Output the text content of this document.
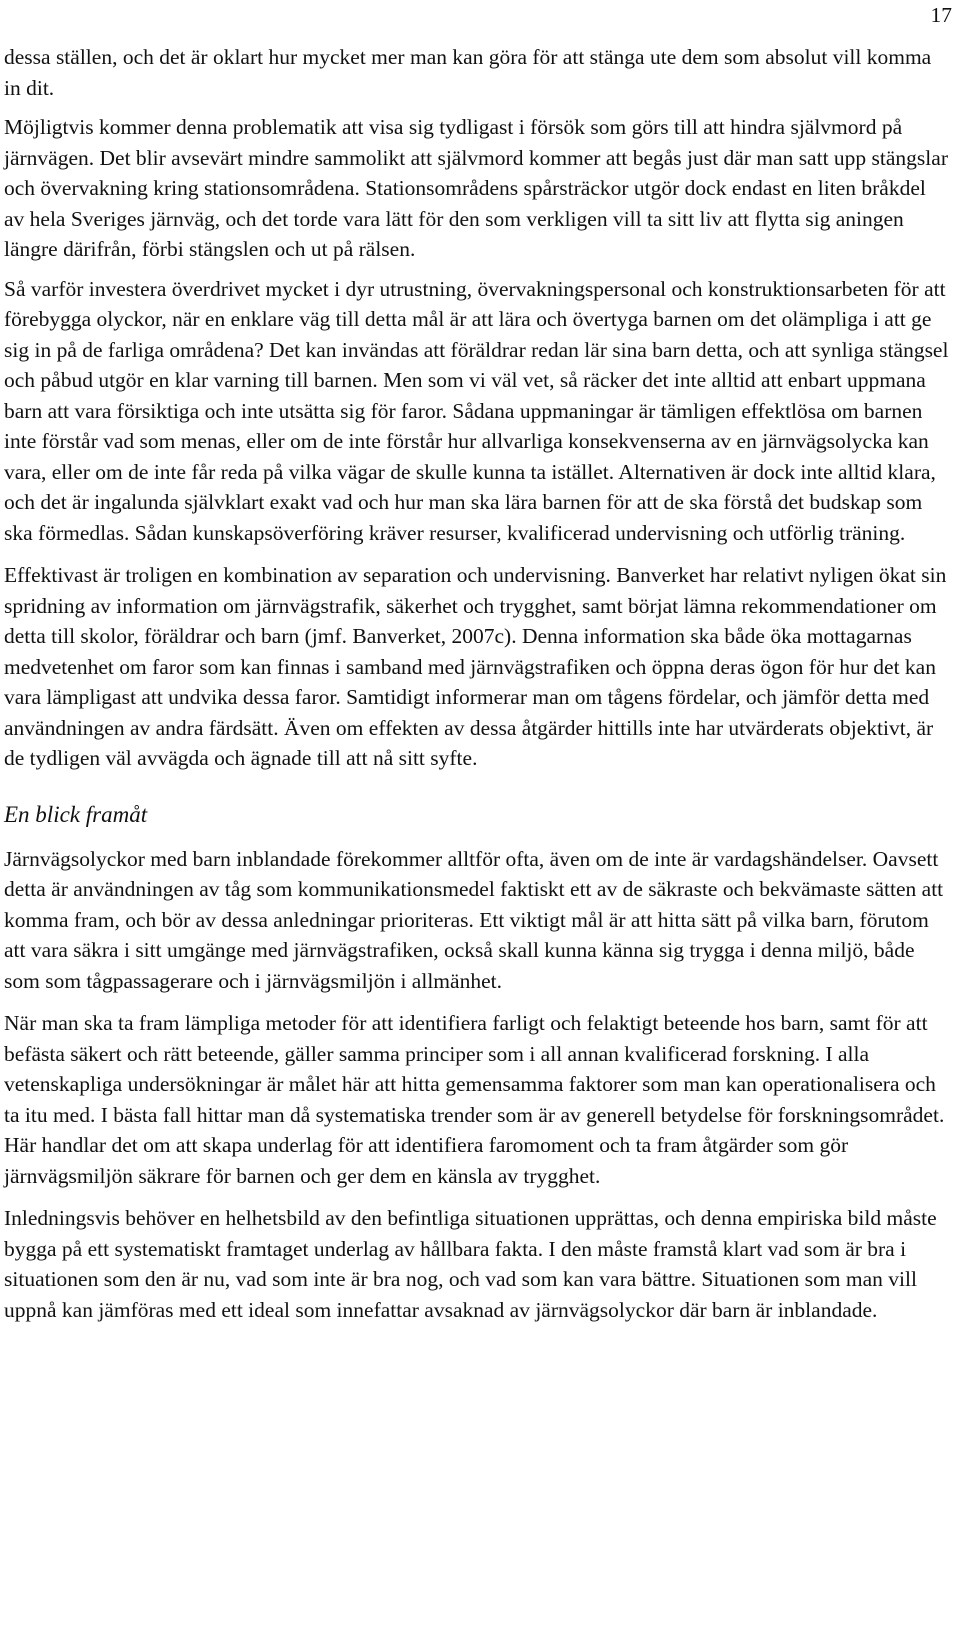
17

dessa ställen, och det är oklart hur mycket mer man kan göra för att stänga ute dem som absolut vill komma in dit.

Möjligtvis kommer denna problematik att visa sig tydligast i försök som görs till att hindra självmord på järnvägen. Det blir avsevärt mindre sammolikt att självmord kommer att begås just där man satt upp stängslar och övervakning kring stationsområdena. Stationsområdens spårsträckor utgör dock endast en liten bråkdel av hela Sveriges järnväg, och det torde vara lätt för den som verkligen vill ta sitt liv att flytta sig aningen längre därifrån, förbi stängslen och ut på rälsen.

Så varför investera överdrivet mycket i dyr utrustning, övervakningspersonal och konstruktionsarbeten för att förebygga olyckor, när en enklare väg till detta mål är att lära och övertyga barnen om det olämpliga i att ge sig in på de farliga områdena? Det kan invändas att föräldrar redan lär sina barn detta, och att synliga stängsel och påbud utgör en klar varning till barnen. Men som vi väl vet, så räcker det inte alltid att enbart uppmana barn att vara försiktiga och inte utsätta sig för faror. Sådana uppmaningar är tämligen effektlösa om barnen inte förstår vad som menas, eller om de inte förstår hur allvarliga konsekvenserna av en järnvägsolycka kan vara, eller om de inte får reda på vilka vägar de skulle kunna ta istället. Alternativen är dock inte alltid klara, och det är ingalunda självklart exakt vad och hur man ska lära barnen för att de ska förstå det budskap som ska förmedlas. Sådan kunskapsöverföring kräver resurser, kvalificerad undervisning och utförlig träning.

Effektivast är troligen en kombination av separation och undervisning. Banverket har relativt nyligen ökat sin spridning av information om järnvägstrafik, säkerhet och trygghet, samt börjat lämna rekommendationer om detta till skolor, föräldrar och barn (jmf. Banverket, 2007c). Denna information ska både öka mottagarnas medvetenhet om faror som kan finnas i samband med järnvägstrafiken och öppna deras ögon för hur det kan vara lämpligast att undvika dessa faror. Samtidigt informerar man om tågens fördelar, och jämför detta med användningen av andra färdsätt. Även om effekten av dessa åtgärder hittills inte har utvärderats objektivt, är de tydligen väl avvägda och ägnade till att nå sitt syfte.

En blick framåt

Järnvägsolyckor med barn inblandade förekommer alltför ofta, även om de inte är vardagshändelser. Oavsett detta är användningen av tåg som kommunikationsmedel faktiskt ett av de säkraste och bekvämaste sätten att komma fram, och bör av dessa anledningar prioriteras. Ett viktigt mål är att hitta sätt på vilka barn, förutom att vara säkra i sitt umgänge med järnvägstrafiken, också skall kunna känna sig trygga i denna miljö, både som som tågpassagerare och i järnvägsmiljön i allmänhet.

När man ska ta fram lämpliga metoder för att identifiera farligt och felaktigt beteende hos barn, samt för att befästa säkert och rätt beteende, gäller samma principer som i all annan kvalificerad forskning. I alla vetenskapliga undersökningar är målet här att hitta gemensamma faktorer som man kan operationalisera och ta itu med. I bästa fall hittar man då systematiska trender som är av generell betydelse för forskningsområdet. Här handlar det om att skapa underlag för att identifiera faromoment och ta fram åtgärder som gör järnvägsmiljön säkrare för barnen och ger dem en känsla av trygghet.

Inledningsvis behöver en helhetsbild av den befintliga situationen upprättas, och denna empiriska bild måste bygga på ett systematiskt framtaget underlag av hållbara fakta. I den måste framstå klart vad som är bra i situationen som den är nu, vad som inte är bra nog, och vad som kan vara bättre. Situationen som man vill uppnå kan jämföras med ett ideal som innefattar avsaknad av järnvägsolyckor där barn är inblandade.
